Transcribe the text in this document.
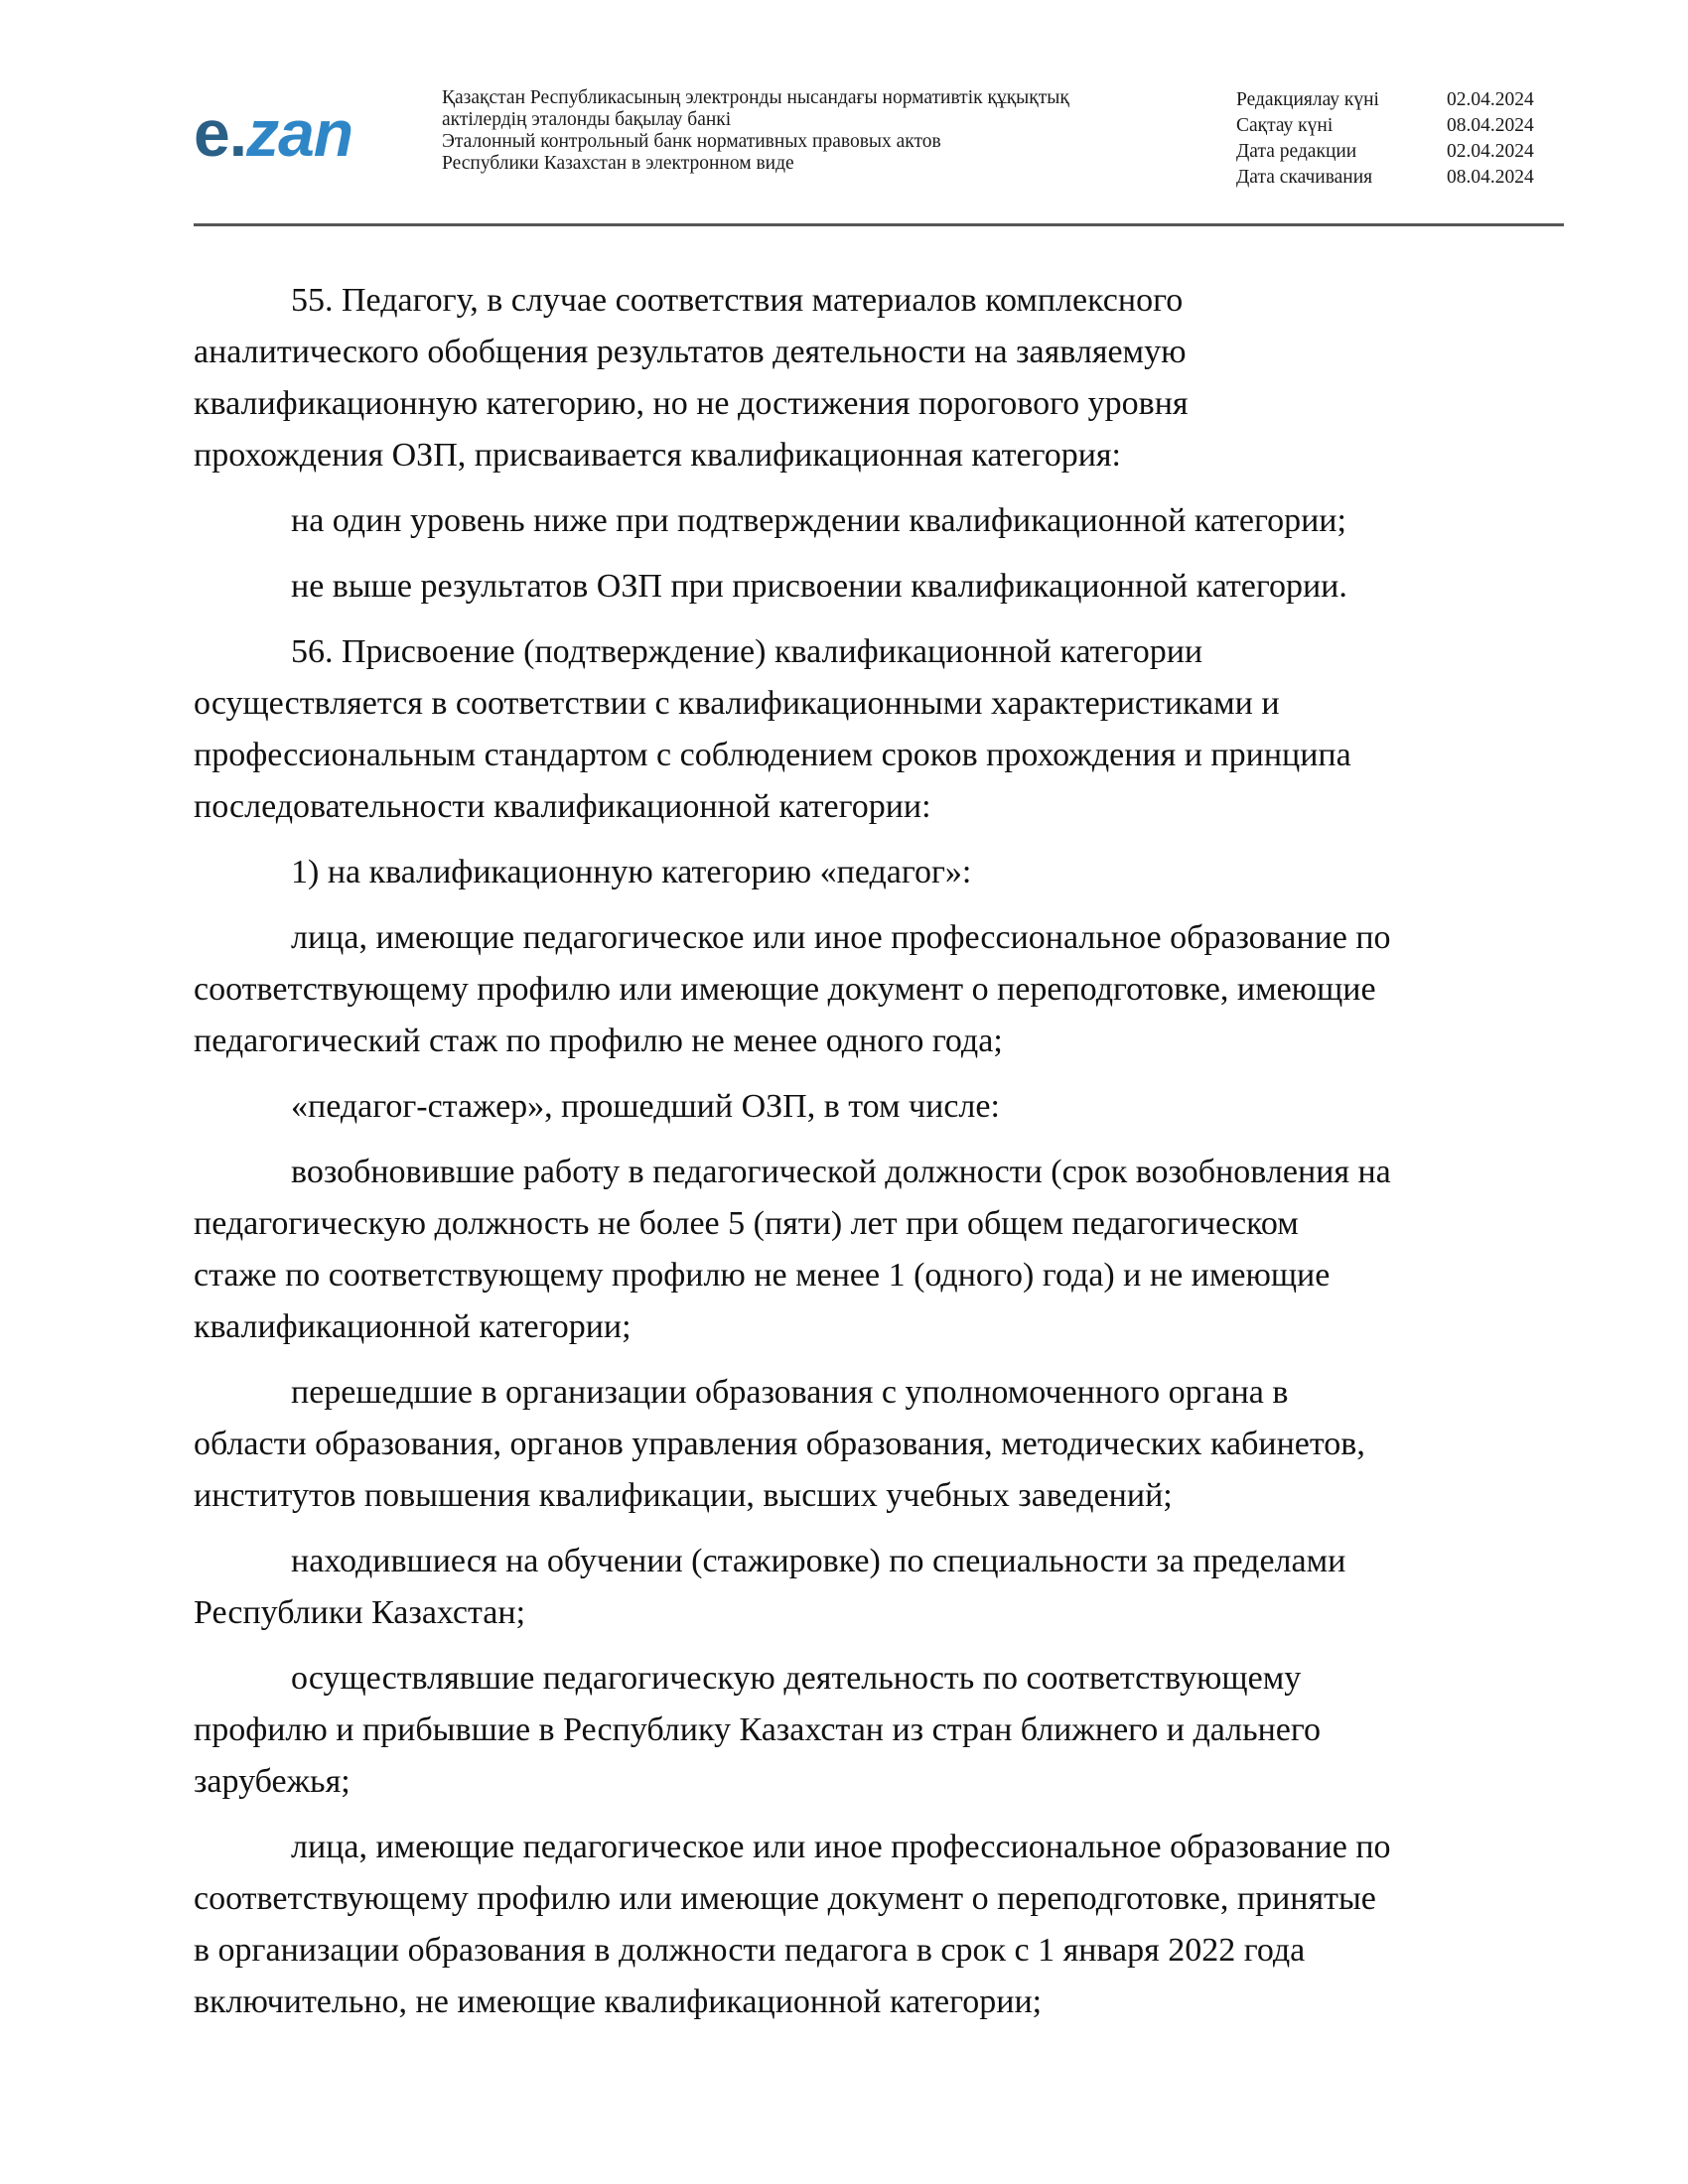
e.zan	Қазақстан Республикасының электронды нысандағы нормативтік құқықтық
актілердің эталонды бақылау банкі
Эталонный контрольный банк нормативных правовых актов
Республики Казахстан в электронном виде
Редакциялау күні	02.04.2024
Сақтау күні	08.04.2024
Дата редакции	02.04.2024
Дата скачивания	08.04.2024

55. Педагогу, в случае соответствия материалов комплексного
аналитического обобщения результатов деятельности на заявляемую
квалификационную категорию, но не достижения порогового уровня
прохождения ОЗП, присваивается квалификационная категория:

на один уровень ниже при подтверждении квалификационной категории;

не выше результатов ОЗП при присвоении квалификационной категории.

56. Присвоение (подтверждение) квалификационной категории
осуществляется в соответствии с квалификационными характеристиками и
профессиональным стандартом с соблюдением сроков прохождения и принципа
последовательности квалификационной категории:

1) на квалификационную категорию «педагог»:

лица, имеющие педагогическое или иное профессиональное образование по
соответствующему профилю или имеющие документ о переподготовке, имеющие
педагогический стаж по профилю не менее одного года;

«педагог-стажер», прошедший ОЗП, в том числе:

возобновившие работу в педагогической должности (срок возобновления на
педагогическую должность не более 5 (пяти) лет при общем педагогическом
стаже по соответствующему профилю не менее 1 (одного) года) и не имеющие
квалификационной категории;

перешедшие в организации образования с уполномоченного органа в
области образования, органов управления образования, методических кабинетов,
институтов повышения квалификации, высших учебных заведений;

находившиеся на обучении (стажировке) по специальности за пределами
Республики Казахстан;

осуществлявшие педагогическую деятельность по соответствующему
профилю и прибывшие в Республику Казахстан из стран ближнего и дальнего
зарубежья;

лица, имеющие педагогическое или иное профессиональное образование по
соответствующему профилю или имеющие документ о переподготовке, принятые
в организации образования в должности педагога в срок с 1 января 2022 года
включительно, не имеющие квалификационной категории;
